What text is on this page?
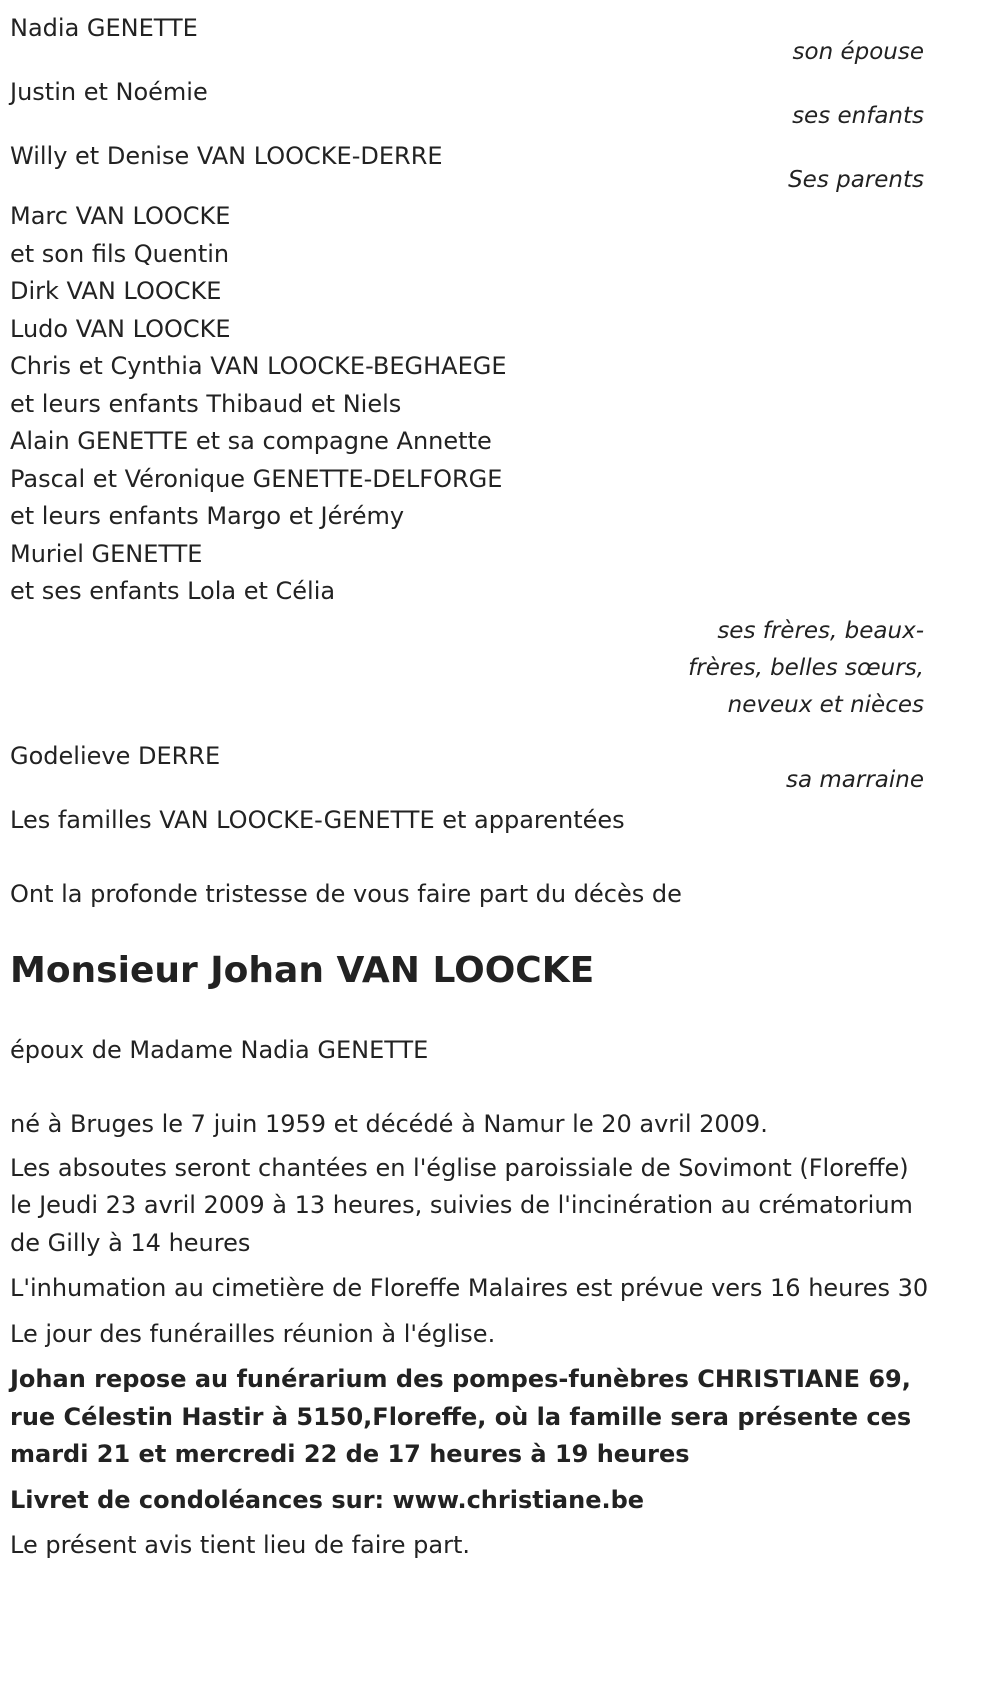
Nadia GENETTE

son épouse

Justin et Noémie

ses enfants

Willy et Denise VAN LOOCKE-DERRE

Ses parents

Marc VAN LOOCKE

et son fils Quentin

Dirk VAN LOOCKE

Ludo VAN LOOCKE

Chris et Cynthia VAN LOOCKE-BEGHAEGE

et leurs enfants Thibaud et Niels

Alain GENETTE et sa compagne Annette

Pascal et Véronique GENETTE-DELFORGE

et leurs enfants Margo et Jérémy

Muriel GENETTE

et ses enfants Lola et Célia

ses frères, beaux-

frères, belles sœurs,

neveux et nièces

Godelieve DERRE

sa marraine

Les familles VAN LOOCKE-GENETTE et apparentées

Ont la profonde tristesse de vous faire part du décès de

Monsieur Johan VAN LOOCKE

époux de Madame Nadia GENETTE

né à Bruges le 7 juin 1959 et décédé à Namur le 20 avril 2009.

Les absoutes seront chantées en l'église paroissiale de Sovimont (Floreffe) le Jeudi 23 avril 2009 à 13 heures, suivies de l'incinération au crématorium de Gilly à 14 heures

L'inhumation au cimetière de Floreffe Malaires est prévue vers 16 heures 30

Le jour des funérailles réunion à l'église.

Johan repose au funérarium des pompes-funèbres CHRISTIANE 69, rue Célestin Hastir à 5150,Floreffe, où la famille sera présente ces mardi 21 et mercredi 22 de 17 heures à 19 heures

Livret de condoléances sur: www.christiane.be

Le présent avis tient lieu de faire part.
